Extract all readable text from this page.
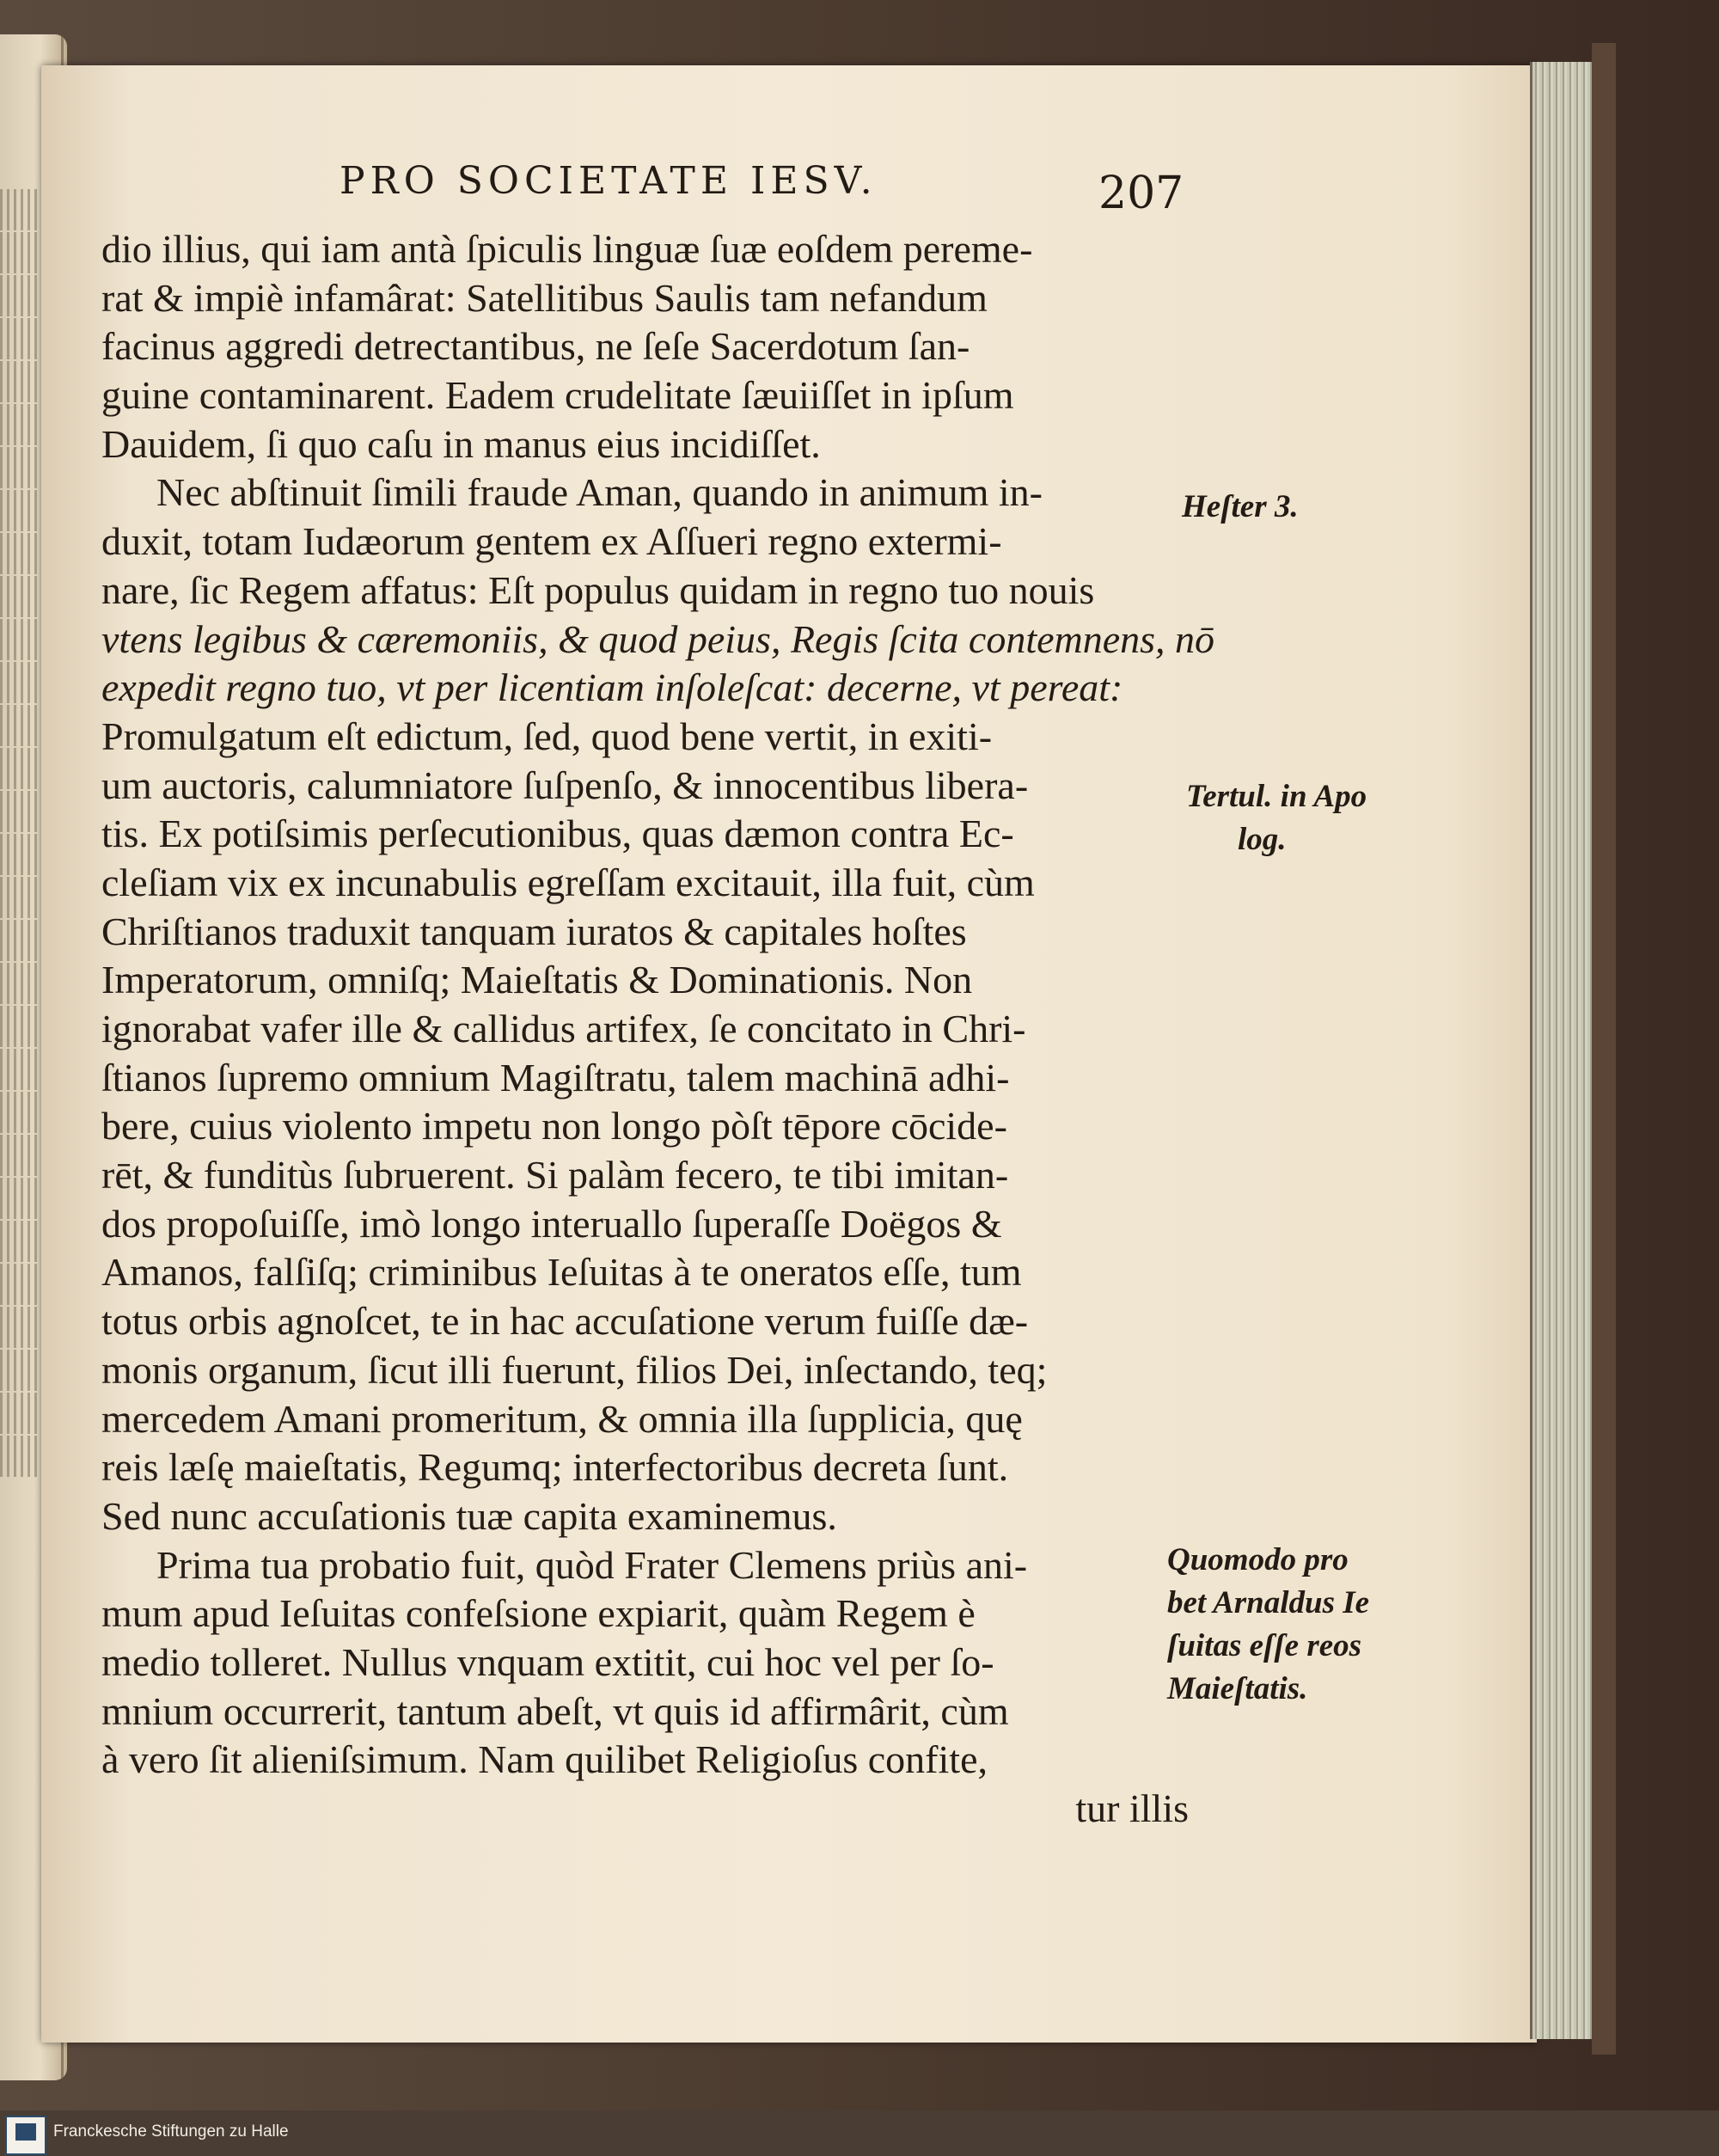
PRO SOCIETATE IESV.	207
dio illius, qui iam antà ſpiculis linguæ ſuæ eoſdem pereme-
rat & impiè infamârat: Satellitibus Saulis tam nefandum
facinus aggredi detrectantibus, ne ſeſe Sacerdotum ſan-
guine contaminarent. Eadem crudelitate ſæuiiſſet in ipſum
Dauidem, ſi quo caſu in manus eius incidiſſet.
Nec abſtinuit ſimili fraude Aman, quando in animum in-
duxit, totam Iudæorum gentem ex Aſſueri regno extermi-
nare, ſic Regem affatus: Eſt populus quidam in regno tuo nouis
vtens legibus & cæremoniis, & quod peius, Regis ſcita contemnens, nō
expedit regno tuo, vt per licentiam inſoleſcat: decerne, vt pereat:
Promulgatum eſt edictum, ſed, quod bene vertit, in exiti-
um auctoris, calumniatore ſuſpenſo, & innocentibus libera-
tis. Ex potiſsimis perſecutionibus, quas dæmon contra Ec-
cleſiam vix ex incunabulis egreſſam excitauit, illa fuit, cùm
Chriſtianos traduxit tanquam iuratos & capitales hoſtes
Imperatorum, omniſq; Maieſtatis & Dominationis. Non
ignorabat vafer ille & callidus artifex, ſe concitato in Chri-
ſtianos ſupremo omnium Magiſtratu, talem machinā adhi-
bere, cuius violento impetu non longo pòſt tēpore cōcide-
rēt, & funditùs ſubruerent. Si palàm fecero, te tibi imitan-
dos propoſuiſſe, imò longo interuallo ſuperaſſe Doëgos &
Amanos, falſiſq; criminibus Ieſuitas à te oneratos eſſe, tum
totus orbis agnoſcet, te in hac accuſatione verum fuiſſe dæ-
monis organum, ſicut illi fuerunt, filios Dei, inſectando, teq;
mercedem Amani promeritum, & omnia illa ſupplicia, quę
reis læſę maieſtatis, Regumq; interfectoribus decreta ſunt.
Sed nunc accuſationis tuæ capita examinemus.
Prima tua probatio fuit, quòd Frater Clemens priùs ani-
mum apud Ieſuitas confeſsione expiarit, quàm Regem è
medio tolleret. Nullus vnquam extitit, cui hoc vel per ſo-
mnium occurrerit, tantum abeſt, vt quis id affirmârit, cùm
à vero ſit alieniſsimum. Nam quilibet Religioſus confite,
tur illis
Heſter 3.
Tertul. in Apo
log.
Quomodo pro
bet Arnaldus Ie
ſuitas eſſe reos
Maieſtatis.
Franckesche Stiftungen zu Halle
